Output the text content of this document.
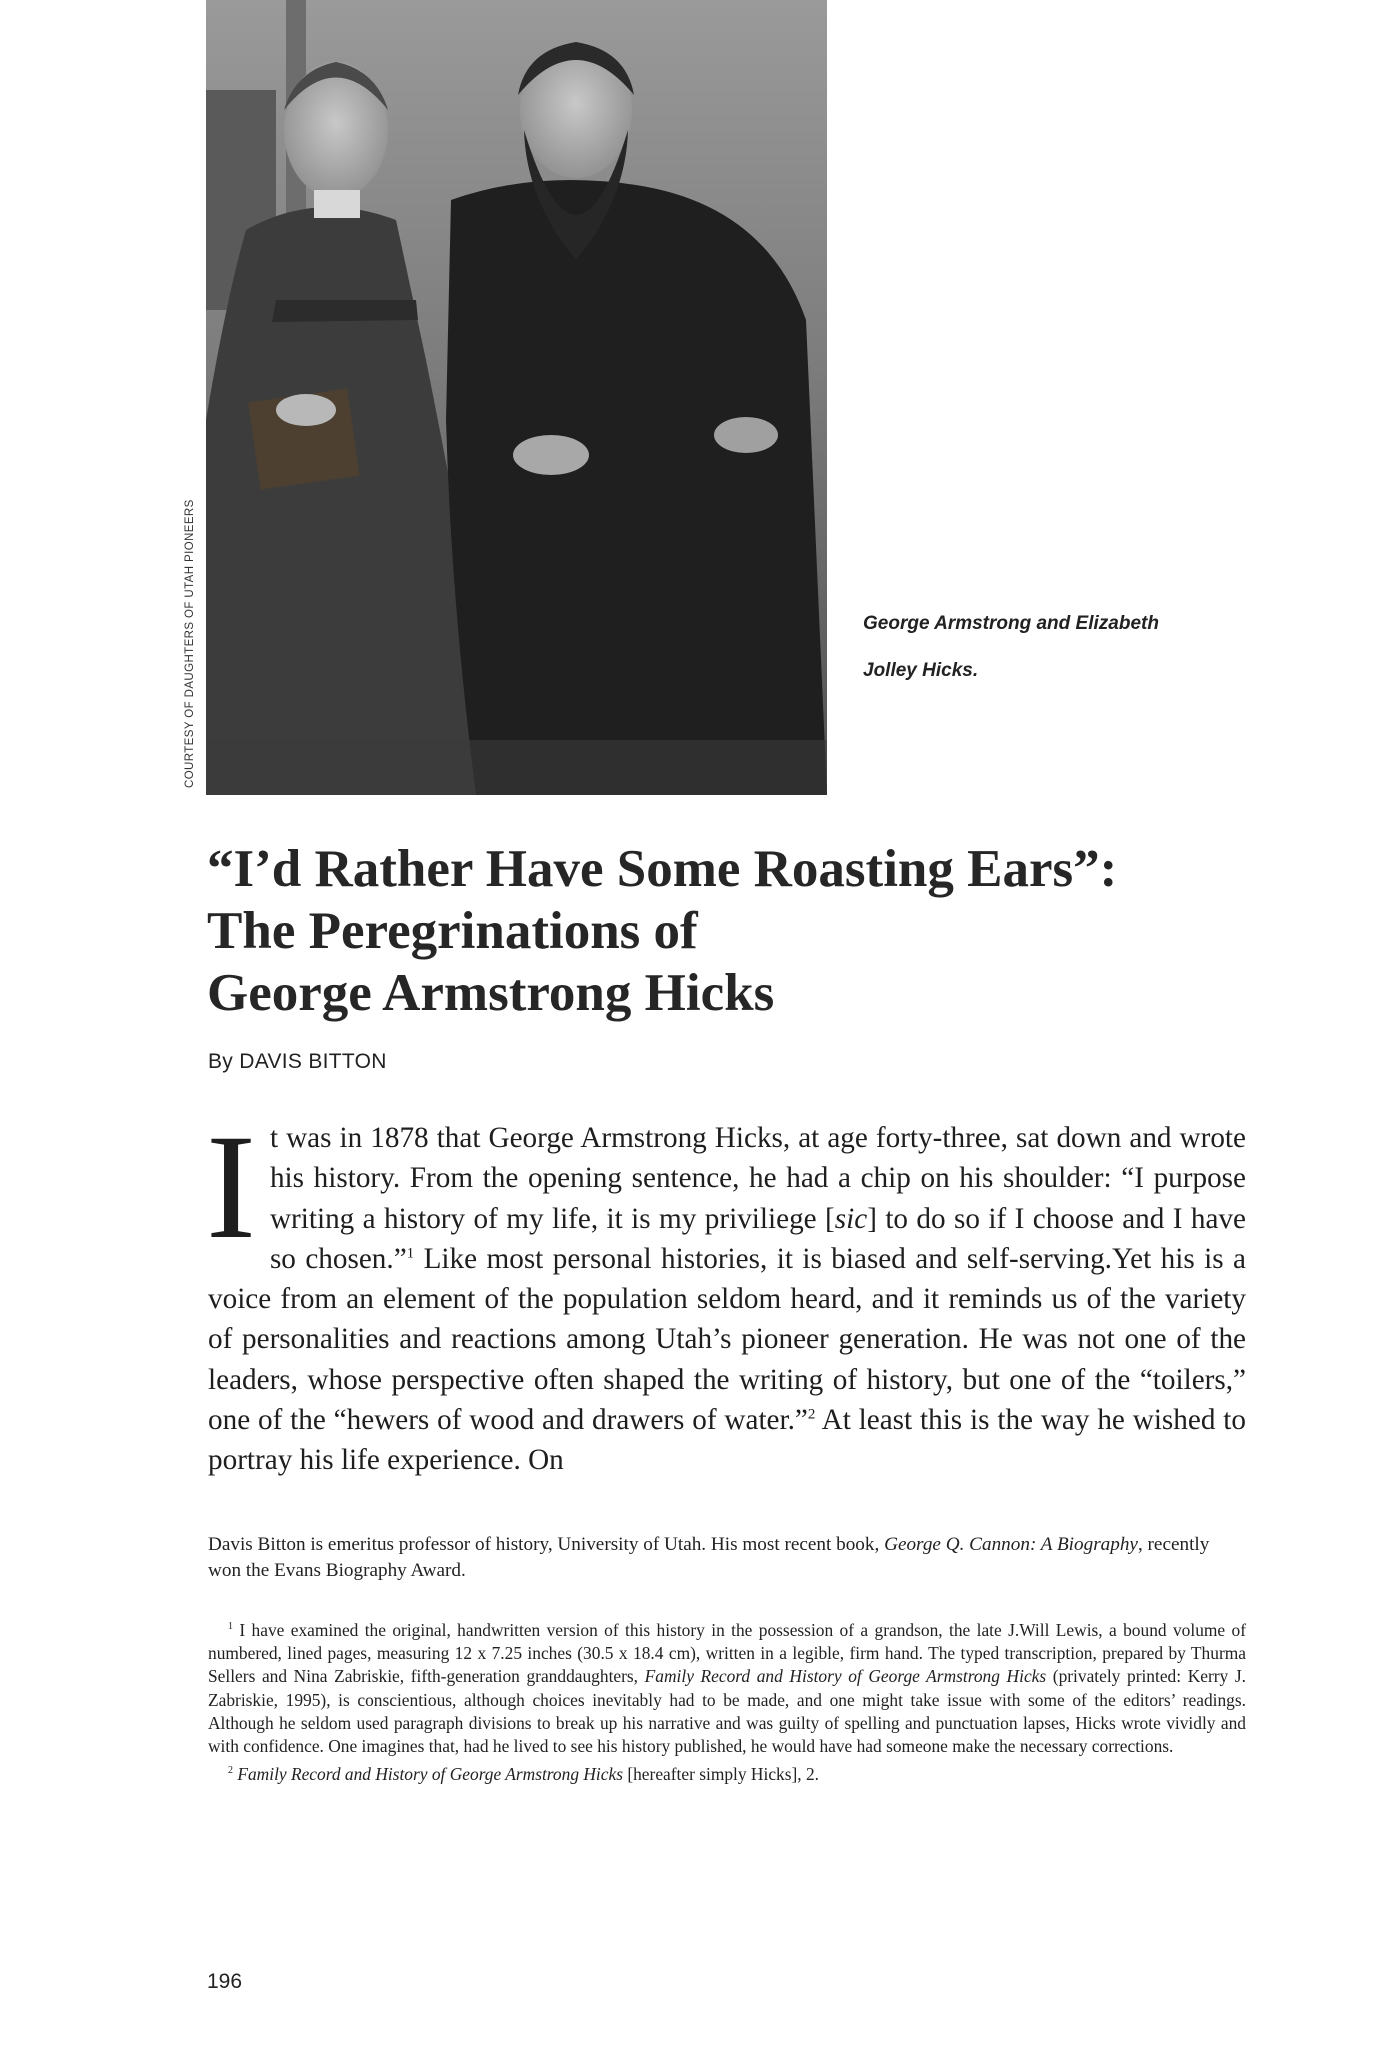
COURTESY OF DAUGHTERS OF UTAH PIONEERS	George Armstrong and Elizabeth
Jolley Hicks.
“I’d Rather Have Some Roasting Ears”:
The Peregrinations of
George Armstrong Hicks
By DAVIS BITTON

It was in 1878 that George Armstrong Hicks, at age forty-three, sat down and wrote his history. From the opening sentence, he had a chip on his shoulder: “I purpose writing a history of my life, it is my priviliege [sic] to do so if I choose and I have so chosen.”$^1$ Like most personal histories, it is biased and self-serving.Yet his is a voice from an element of the population seldom heard, and it reminds us of the variety of personalities and reactions among Utah’s pioneer generation. He was not one of the leaders, whose perspective often shaped the writing of history, but one of the “toilers,” one of the “hewers of wood and drawers of water.”$^2$ At least this is the way he wished to portray his life experience. On

Davis Bitton is emeritus professor of history, University of Utah. His most recent book, George Q. Cannon: A Biography, recently won the Evans Biography Award.

$^1$ I have examined the original, handwritten version of this history in the possession of a grandson, the late J.Will Lewis, a bound volume of numbered, lined pages, measuring 12 x 7.25 inches (30.5 x 18.4 cm), written in a legible, firm hand. The typed transcription, prepared by Thurma Sellers and Nina Zabriskie, fifth-generation granddaughters, Family Record and History of George Armstrong Hicks (privately printed: Kerry J. Zabriskie, 1995), is conscientious, although choices inevitably had to be made, and one might take issue with some of the editors’ readings. Although he seldom used paragraph divisions to break up his narrative and was guilty of spelling and punctuation lapses, Hicks wrote vividly and with confidence. One imagines that, had he lived to see his history published, he would have had someone make the necessary corrections.

$^2$ Family Record and History of George Armstrong Hicks [hereafter simply Hicks], 2.

196
